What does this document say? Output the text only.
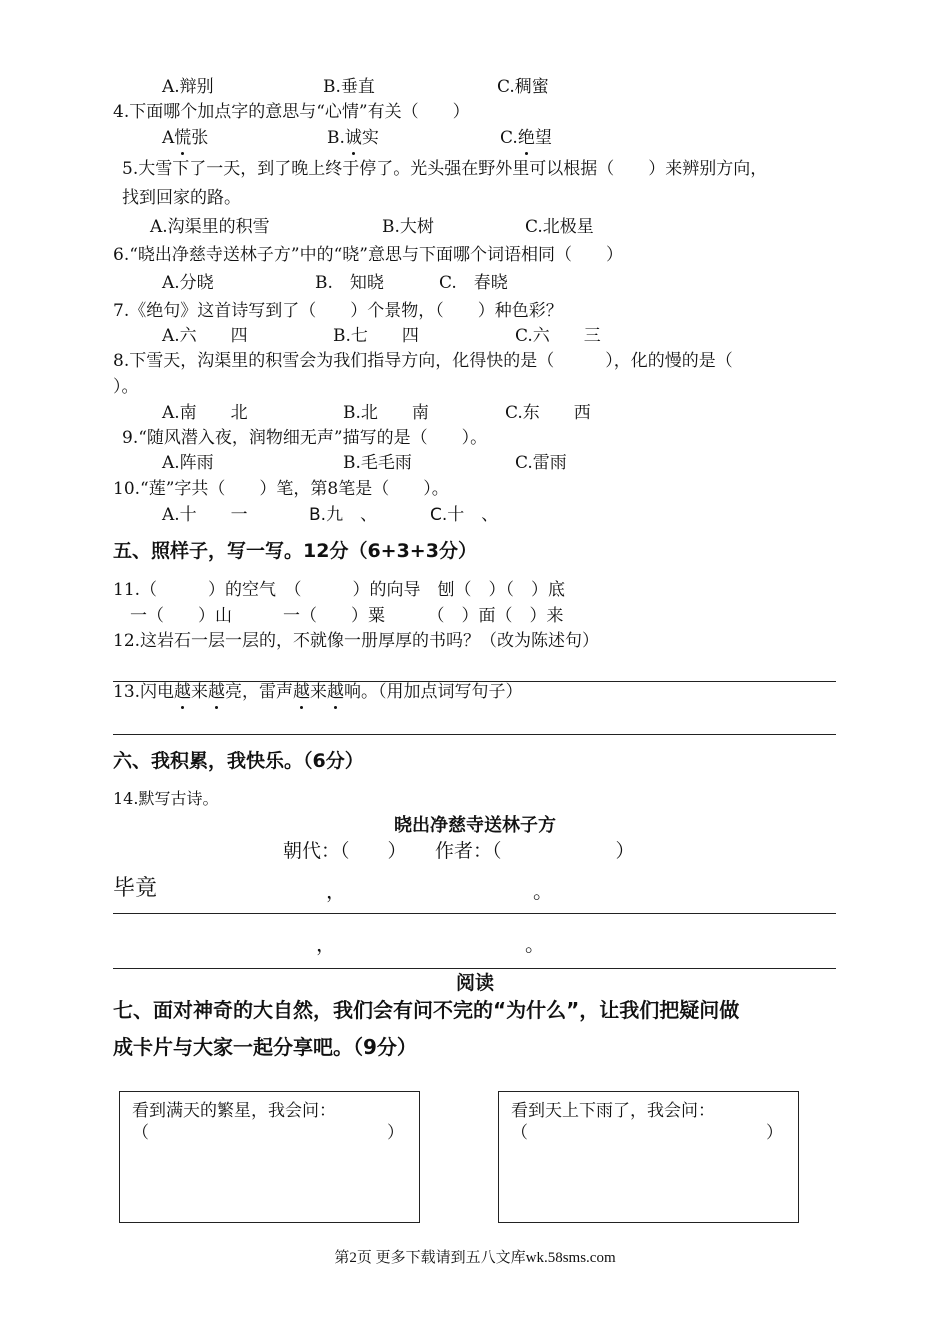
A.辩别	B.垂直	C.稠蜜
4.下面哪个加点字的意思与“心情”有关（　　）
A慌张	B.诚实	C.绝望
5.大雪下了一天，到了晚上终于停了。光头强在野外里可以根据（　　）来辨别方向，
找到回家的路。
A.沟渠里的积雪	B.大树	C.北极星
6.“晓出净慈寺送林子方”中的“晓”意思与下面哪个词语相同（　　）
A.分晓	B.　知晓	C.　春晓
7.《绝句》这首诗写到了（　　）个景物，（　　）种色彩？
A.六　　四	B.七　　四	C.六　　三
8.下雪天，沟渠里的积雪会为我们指导方向，化得快的是（　　　），化的慢的是（
）。
A.南　　北	B.北　　南	C.东　　西
9.“随风潜入夜，润物细无声”描写的是（　　）。
A.阵雨	B.毛毛雨	C.雷雨
10.“莲”字共（　　）笔，第8笔是（　　）。
A.十　　一	B.九　、	C.十　、
五、照样子，写一写。12分（6+3+3分）
11.（　　　）的空气　（　　　）的向导　刨（　）（　）底
一（　　）山　　　一（　　）粟　　　（　）面（　）来
12.这岩石一层一层的，不就像一册厚厚的书吗？（改为陈述句）
13.闪电越来越亮，雷声越来越响。（用加点词写句子）
六、我积累，我快乐。（6分）
14.默写古诗。
晓出净慈寺送林子方
朝代：（　　）　　作者：（　　　　　　）
毕竟	，	。
，	。
阅读
七、面对神奇的大自然，我们会有问不完的“为什么”，让我们把疑问做
成卡片与大家一起分享吧。（9分）
看到满天的繁星，我会问：（　　　　　　　　　　　　　　）
看到天上下雨了，我会问：（　　　　　　　　　　　　　　）
第2页 更多下载请到五八文库wk.58sms.com
